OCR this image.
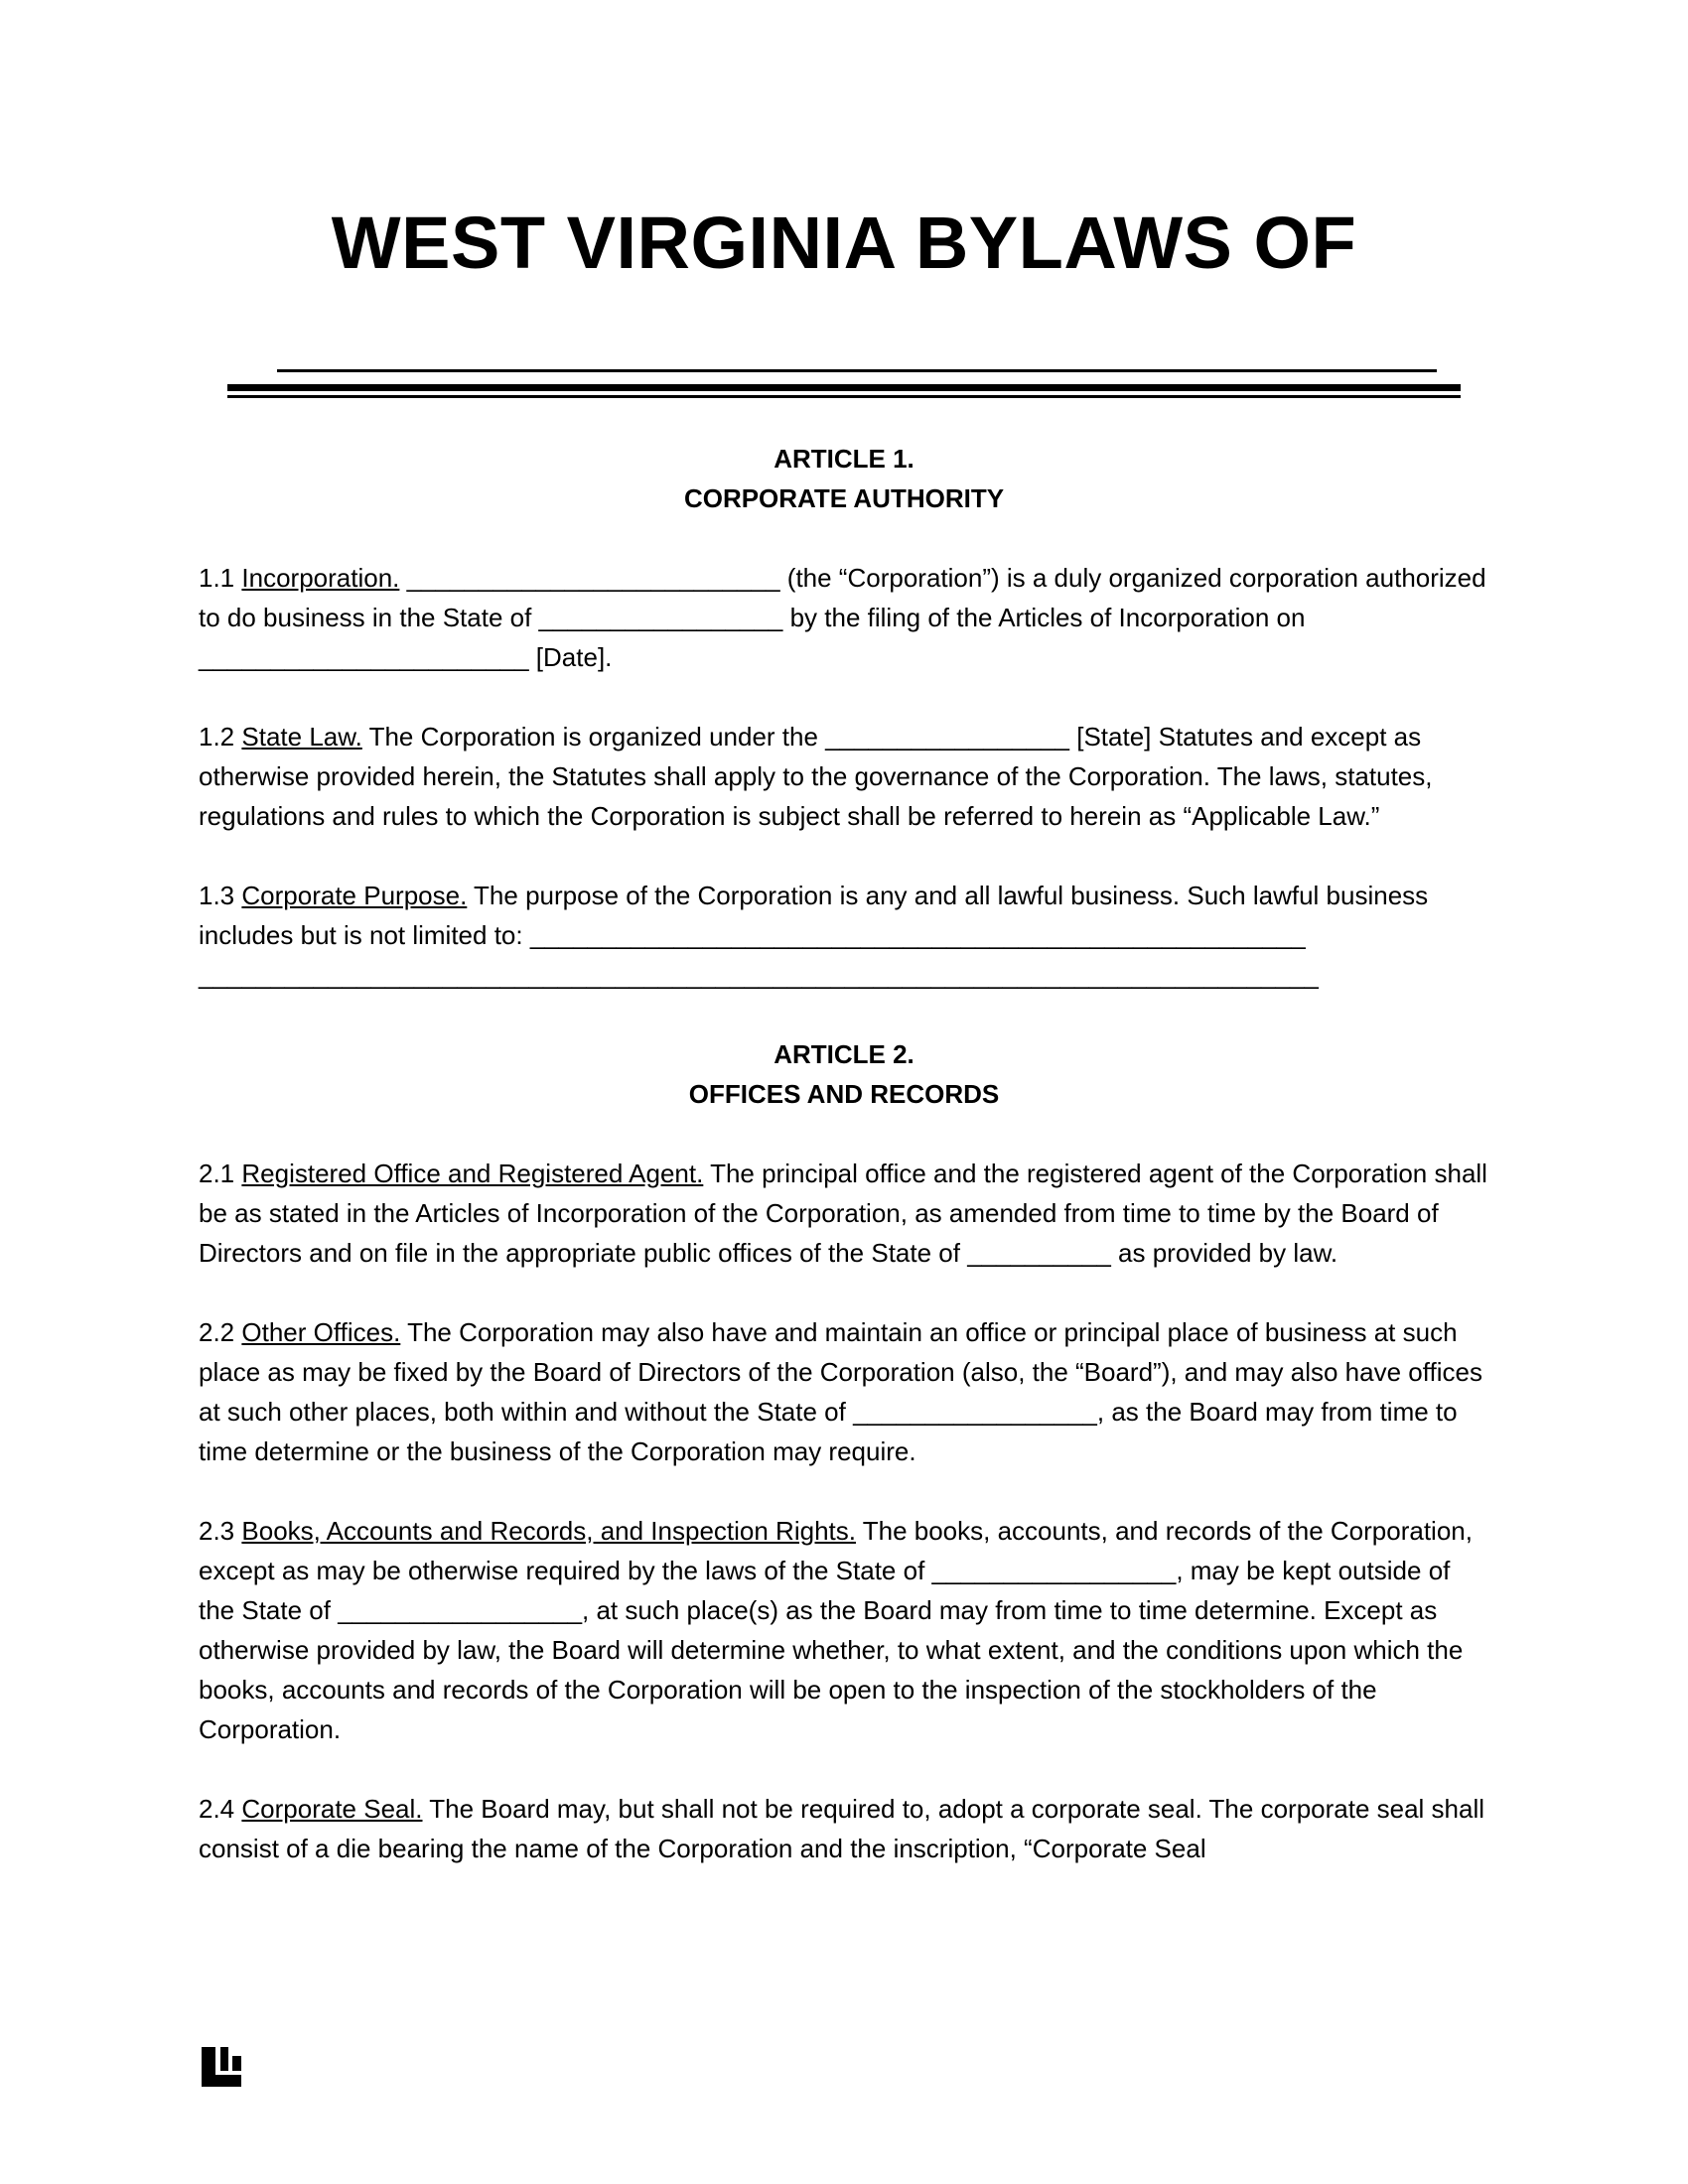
WEST VIRGINIA BYLAWS OF
ARTICLE 1.
CORPORATE AUTHORITY

1.1 Incorporation. __________________________ (the “Corporation”) is a duly organized corporation authorized to do business in the State of _________________ by the filing of the Articles of Incorporation on _______________________ [Date].

1.2 State Law. The Corporation is organized under the _________________ [State] Statutes and except as otherwise provided herein, the Statutes shall apply to the governance of the Corporation. The laws, statutes, regulations and rules to which the Corporation is subject shall be referred to herein as “Applicable Law.”

1.3 Corporate Purpose. The purpose of the Corporation is any and all lawful business. Such lawful business includes but is not limited to: ______________________________________________________
______________________________________________________________________________

ARTICLE 2.
OFFICES AND RECORDS

2.1 Registered Office and Registered Agent. The principal office and the registered agent of the Corporation shall be as stated in the Articles of Incorporation of the Corporation, as amended from time to time by the Board of Directors and on file in the appropriate public offices of the State of __________ as provided by law.

2.2 Other Offices. The Corporation may also have and maintain an office or principal place of business at such place as may be fixed by the Board of Directors of the Corporation (also, the “Board”), and may also have offices at such other places, both within and without the State of _________________, as the Board may from time to time determine or the business of the Corporation may require.

2.3 Books, Accounts and Records, and Inspection Rights. The books, accounts, and records of the Corporation, except as may be otherwise required by the laws of the State of _________________, may be kept outside of the State of _________________, at such place(s) as the Board may from time to time determine. Except as otherwise provided by law, the Board will determine whether, to what extent, and the conditions upon which the books, accounts and records of the Corporation will be open to the inspection of the stockholders of the Corporation.

2.4 Corporate Seal. The Board may, but shall not be required to, adopt a corporate seal. The corporate seal shall consist of a die bearing the name of the Corporation and the inscription, “Corporate Seal
